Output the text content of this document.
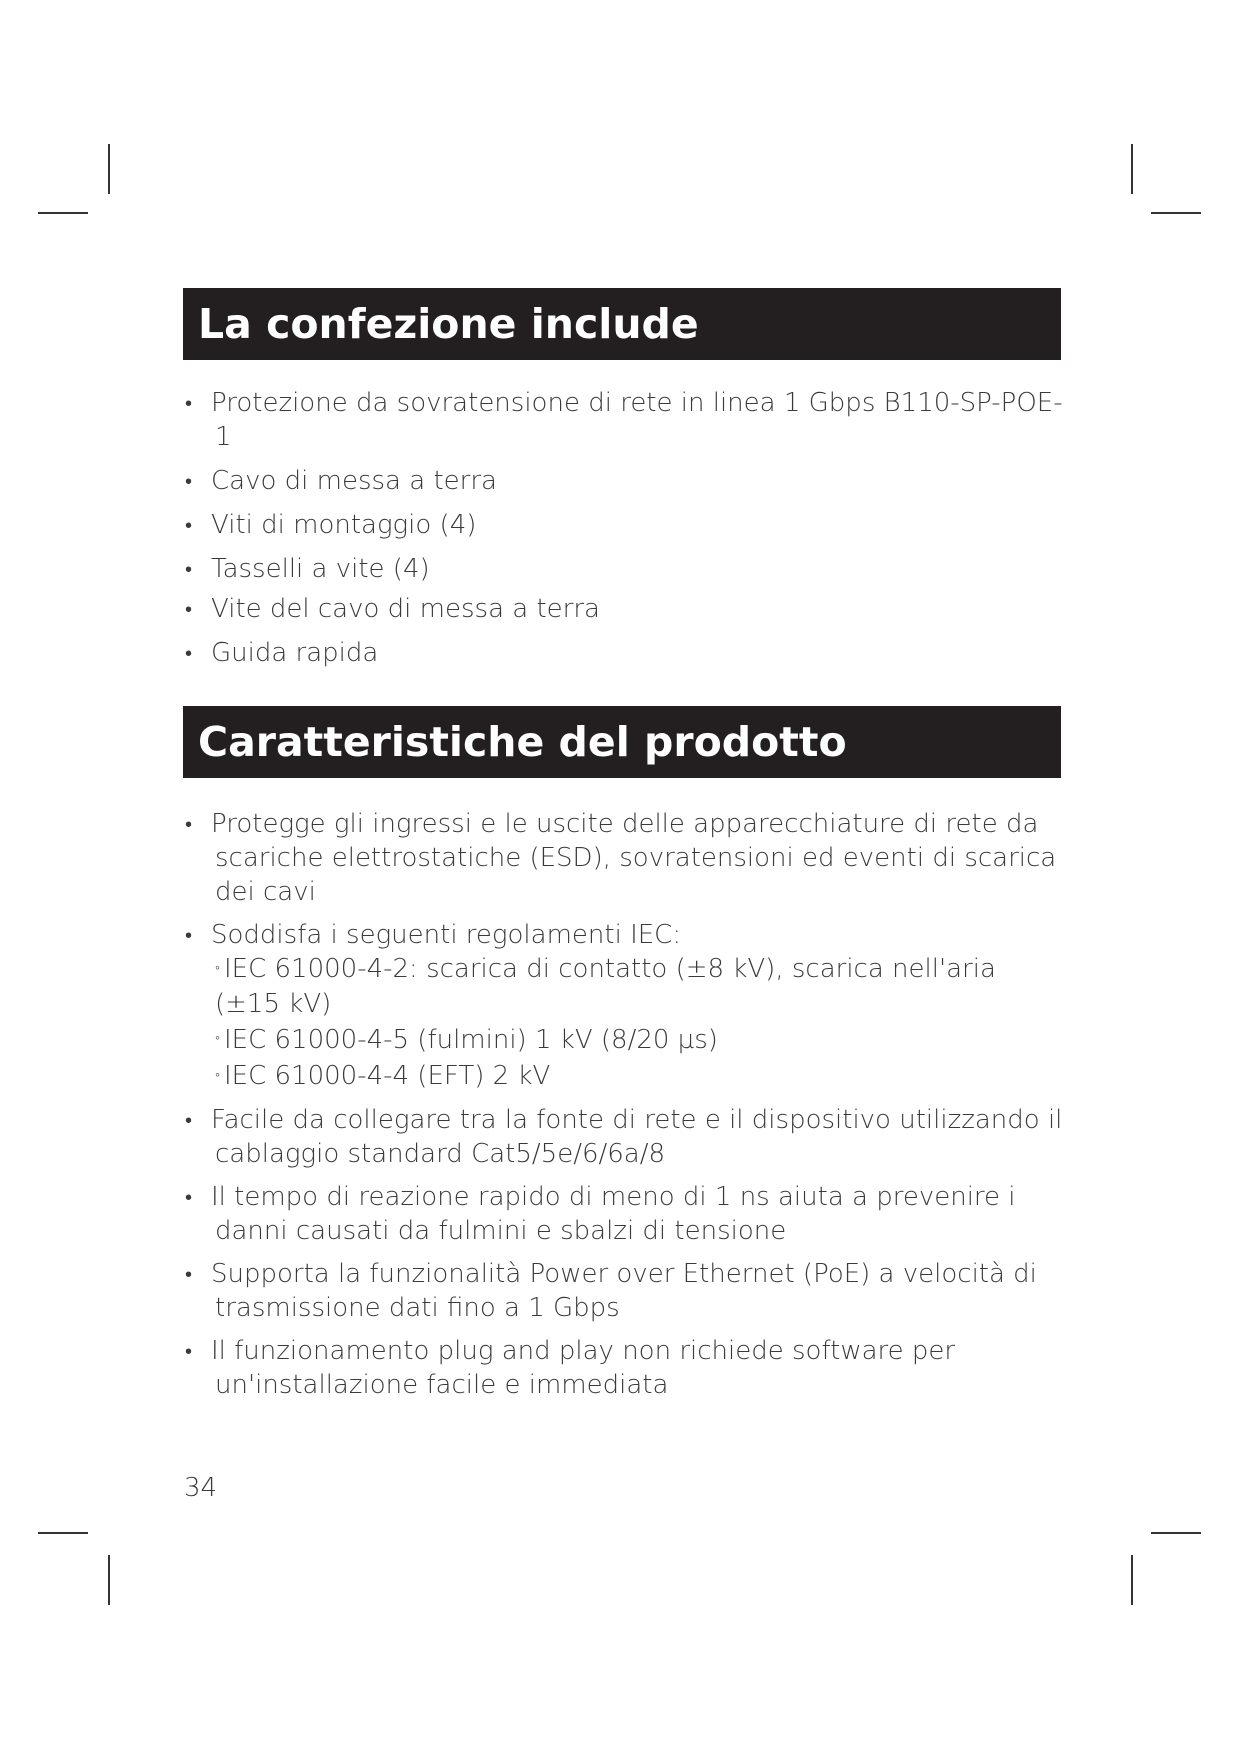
La confezione include
• Protezione da sovratensione di rete in linea 1 Gbps B110-SP-POE-1
• Cavo di messa a terra
• Viti di montaggio (4)
• Tasselli a vite (4)
• Vite del cavo di messa a terra
• Guida rapida
Caratteristiche del prodotto
• Protegge gli ingressi e le uscite delle apparecchiature di rete da scariche elettrostatiche (ESD), sovratensioni ed eventi di scarica dei cavi
• Soddisfa i seguenti regolamenti IEC:
◦ IEC 61000-4-2: scarica di contatto (±8 kV), scarica nell'aria (±15 kV)
◦ IEC 61000-4-5 (fulmini) 1 kV (8/20 µs)
◦ IEC 61000-4-4 (EFT) 2 kV
• Facile da collegare tra la fonte di rete e il dispositivo utilizzando il cablaggio standard Cat5/5e/6/6a/8
• Il tempo di reazione rapido di meno di 1 ns aiuta a prevenire i danni causati da fulmini e sbalzi di tensione
• Supporta la funzionalità Power over Ethernet (PoE) a velocità di trasmissione dati fino a 1 Gbps
• Il funzionamento plug and play non richiede software per un'installazione facile e immediata
34
